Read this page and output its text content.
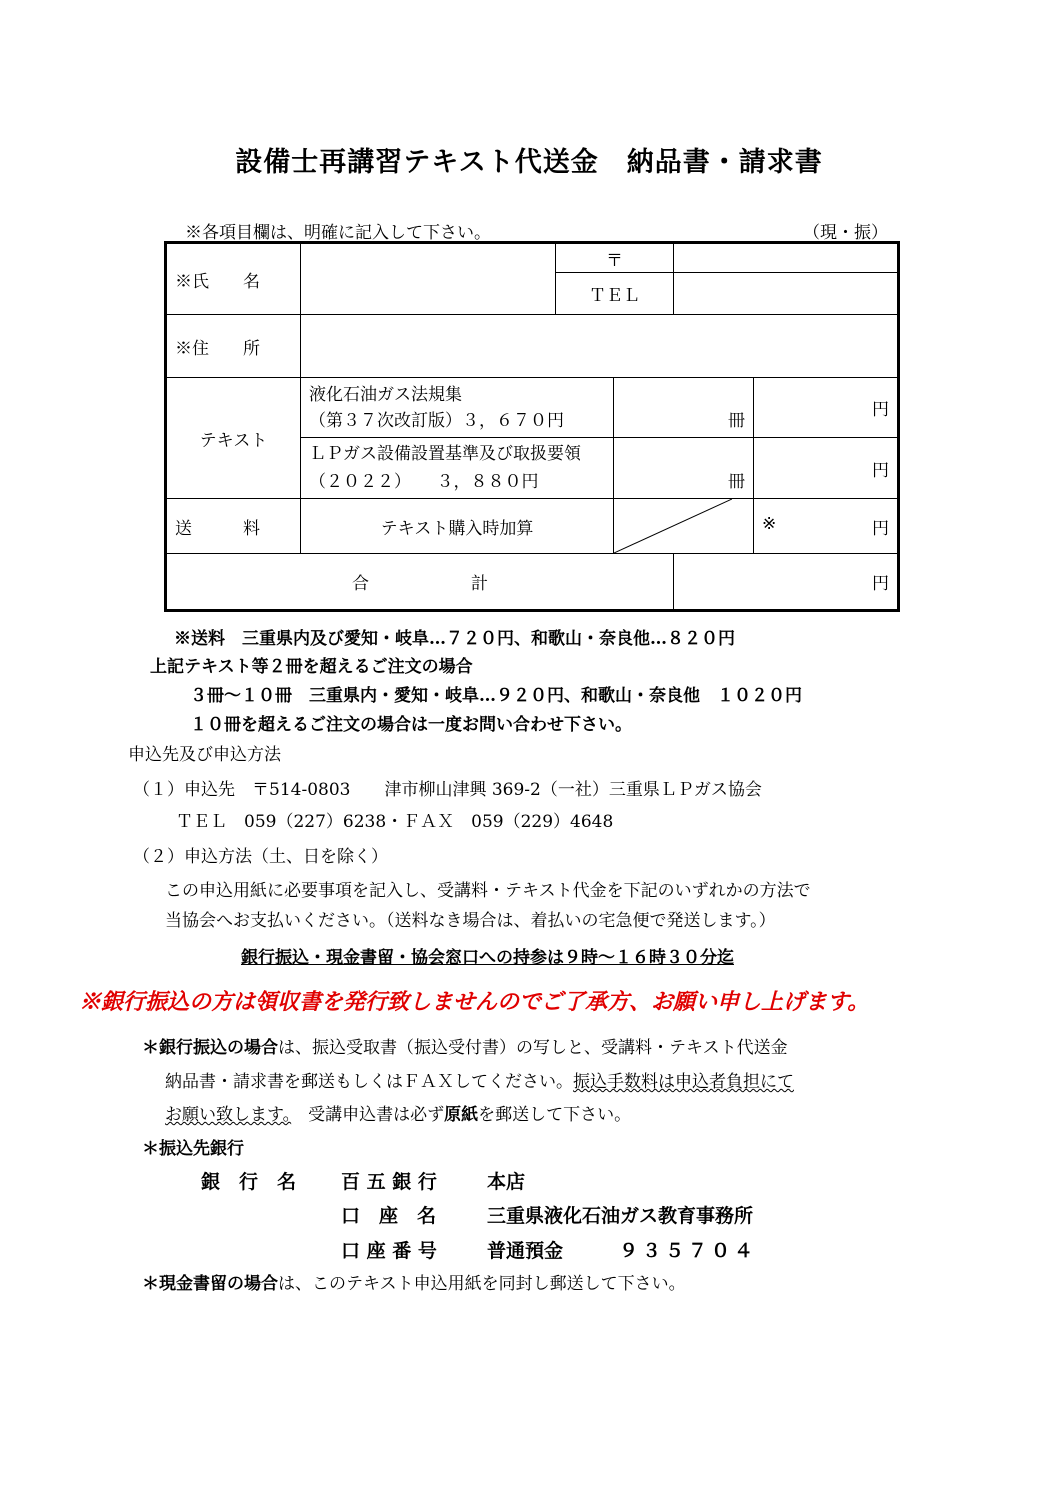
設備士再講習テキスト代送金　納品書・請求書
※各項目欄は、明確に記入して下さい。	（現・振）
※氏　　名		〒			
		ＴＥＬ			
※住　　所					
テキスト	液化石油ガス法規集
（第３７次改訂版）３，６７０円		冊		円

	ＬＰガス設備設置基準及び取扱要領
（２０２２）　　３，８８０円		冊		円
送　　　料	テキスト購入時加算				※ 円

合　　　　　　計				円	
※送料　三重県内及び愛知・岐阜…７２０円、和歌山・奈良他…８２０円
上記テキスト等２冊を超えるご注文の場合
３冊～１０冊　三重県内・愛知・岐阜…９２０円、和歌山・奈良他　１０２０円
１０冊を超えるご注文の場合は一度お問い合わせ下さい。
申込先及び申込方法
（１）申込先　〒514-0803　　津市柳山津興 369-2（一社）三重県ＬＰガス協会
ＴＥＬ　059（227）6238・ＦＡＸ　059（229）4648
（２）申込方法（土、日を除く）
この申込用紙に必要事項を記入し、受講料・テキスト代金を下記のいずれかの方法で
当協会へお支払いください。（送料なき場合は、着払いの宅急便で発送します。）
銀行振込・現金書留・協会窓口への持参は９時～１６時３０分迄
※銀行振込の方は領収書を発行致しませんのでご了承方、お願い申し上げます。
＊銀行振込の場合は、振込受取書（振込受付書）の写しと、受講料・テキスト代送金
納品書・請求書を郵送もしくはＦＡＸしてください。振込手数料は申込者負担にて
お願い致します。　受講申込書は必ず原紙を郵送して下さい。
＊振込先銀行
銀　行　名 百 五 銀 行	本店
口　座　名	三重県液化石油ガス教育事務所
口 座 番 号	普通預金	９３５７０４
＊現金書留の場合は、このテキスト申込用紙を同封し郵送して下さい。
